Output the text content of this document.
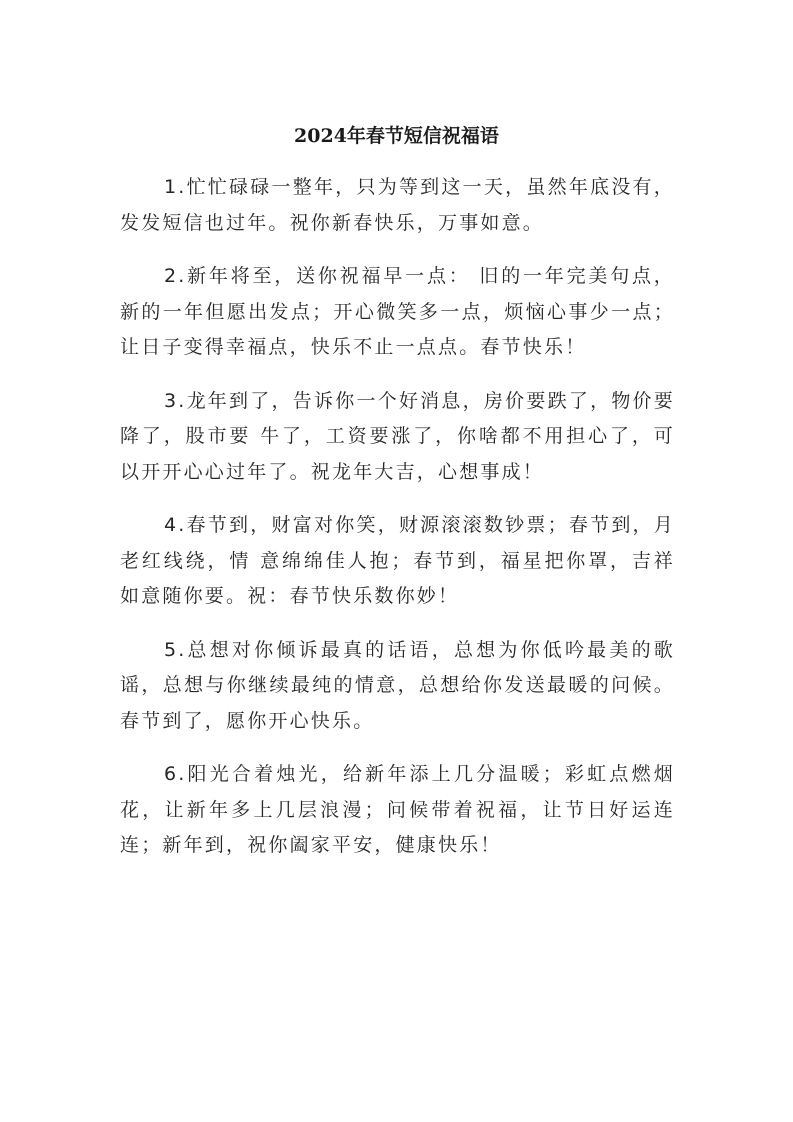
2024年春节短信祝福语

1.忙忙碌碌一整年，只为等到这一天，虽然年底没有，发发短信也过年。祝你新春快乐，万事如意。

2.新年将至，送你祝福早一点： 旧的一年完美句点，新的一年但愿出发点；开心微笑多一点，烦恼心事少一点；让日子变得幸福点，快乐不止一点点。春节快乐！

3.龙年到了，告诉你一个好消息，房价要跌了，物价要降了，股市要 牛了，工资要涨了，你啥都不用担心了，可以开开心心过年了。祝龙年大吉，心想事成！

4.春节到，财富对你笑，财源滚滚数钞票；春节到，月老红线绕，情 意绵绵佳人抱；春节到，福星把你罩，吉祥如意随你要。祝：春节快乐数你妙！

5.总想对你倾诉最真的话语，总想为你低吟最美的歌谣，总想与你继续最纯的情意，总想给你发送最暖的问候。春节到了，愿你开心快乐。

6.阳光合着烛光，给新年添上几分温暖；彩虹点燃烟花，让新年多上几层浪漫；问候带着祝福，让节日好运连连；新年到，祝你阖家平安，健康快乐！
